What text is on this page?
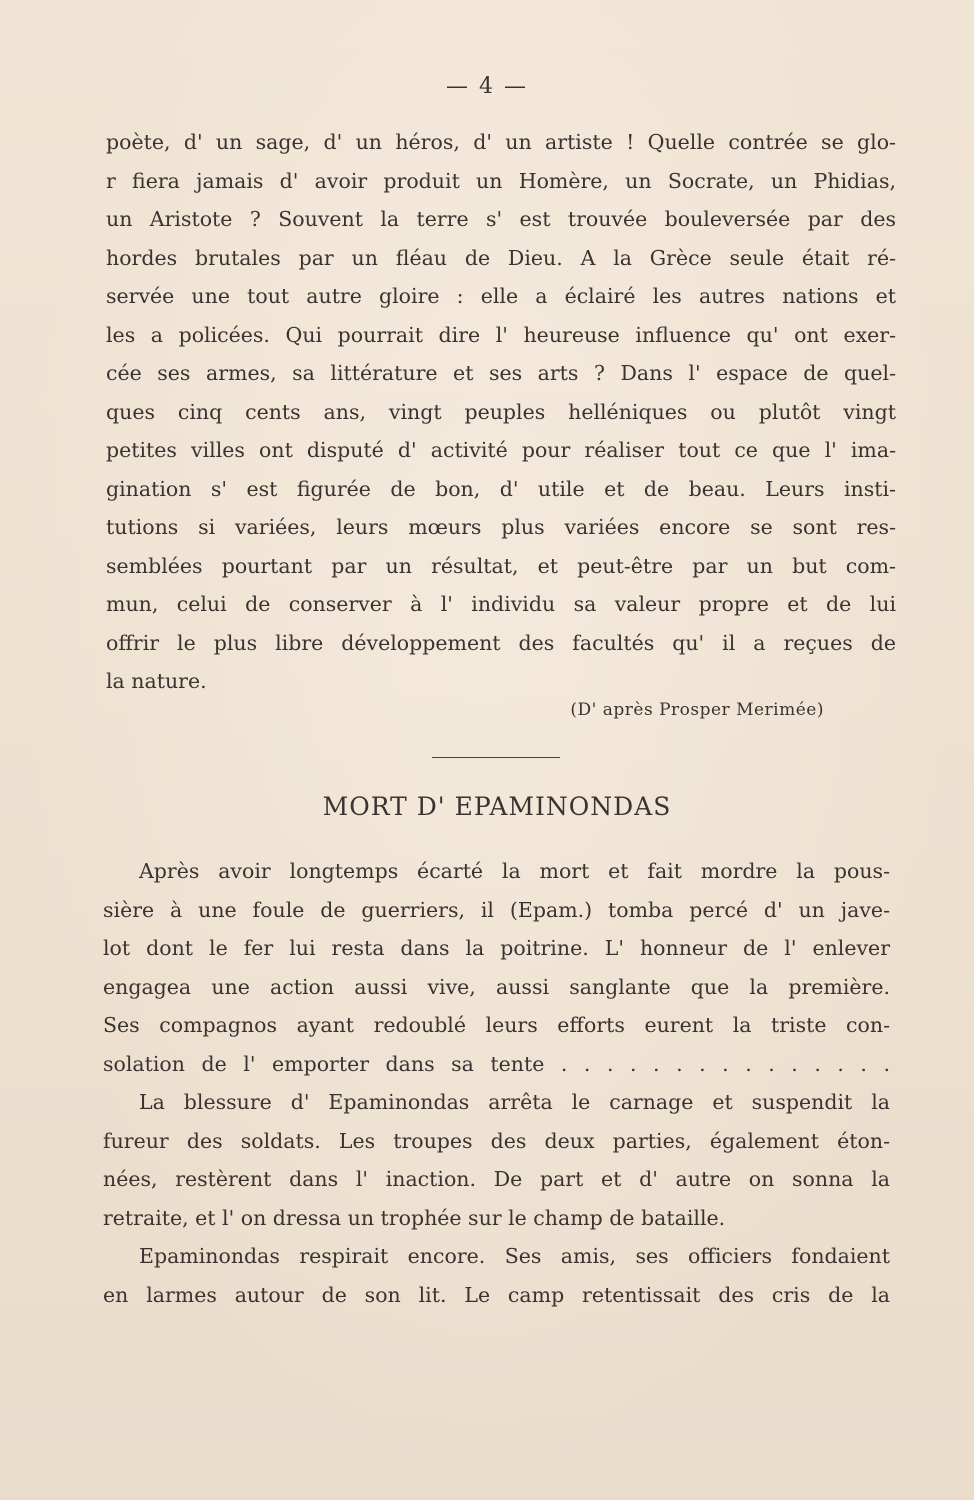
— 4 —
poète, d' un sage, d' un héros, d' un artiste ! Quelle contrée se glo-
r fiera jamais d' avoir produit un Homère, un Socrate, un Phidias,
un Aristote ? Souvent la terre s' est trouvée bouleversée par des
hordes brutales par un fléau de Dieu. A la Grèce seule était ré-
servée une tout autre gloire : elle a éclairé les autres nations et
les a policées. Qui pourrait dire l' heureuse influence qu' ont exer-
cée ses armes, sa littérature et ses arts ? Dans l' espace de quel-
ques cinq cents ans, vingt peuples helléniques ou plutôt vingt
petites villes ont disputé d' activité pour réaliser tout ce que l' ima-
gination s' est figurée de bon, d' utile et de beau. Leurs insti-
tutions si variées, leurs mœurs plus variées encore se sont res-
semblées pourtant par un résultat, et peut-être par un but com-
mun, celui de conserver à l' individu sa valeur propre et de lui
offrir le plus libre développement des facultés qu' il a reçues de
la nature.
(D' après Prosper Merimée)
MORT D' EPAMINONDAS
Après avoir longtemps écarté la mort et fait mordre la pous-
sière à une foule de guerriers, il (Epam.) tomba percé d' un jave-
lot dont le fer lui resta dans la poitrine. L' honneur de l' enlever
engagea une action aussi vive, aussi sanglante que la première.
Ses compagnos ayant redoublé leurs efforts eurent la triste con-
solation de l' emporter dans sa tente . . . . . . . . . . . . . . .
La blessure d' Epaminondas arrêta le carnage et suspendit la
fureur des soldats. Les troupes des deux parties, également éton-
nées, restèrent dans l' inaction. De part et d' autre on sonna la
retraite, et l' on dressa un trophée sur le champ de bataille.
Epaminondas respirait encore. Ses amis, ses officiers fondaient
en larmes autour de son lit. Le camp retentissait des cris de la
